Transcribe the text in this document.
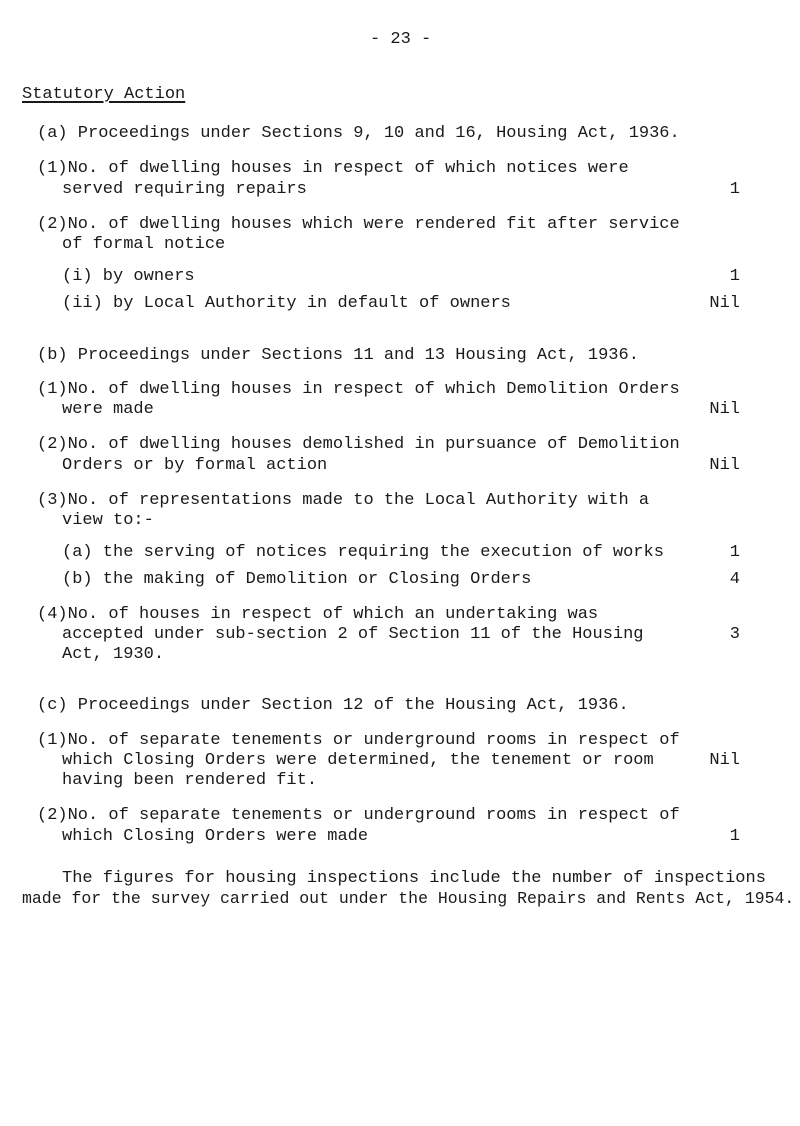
- 23 -
Statutory Action
(a) Proceedings under Sections 9, 10 and 16, Housing Act, 1936.
(1)No. of dwelling houses in respect of which notices were
served requiring repairs	1
(2)No. of dwelling houses which were rendered fit after service
of formal notice
(i) by owners	1
(ii) by Local Authority in default of owners	Nil
(b) Proceedings under Sections 11 and 13 Housing Act, 1936.
(1)No. of dwelling houses in respect of which Demolition Orders
were made	Nil
(2)No. of dwelling houses demolished in pursuance of Demolition
Orders or by formal action	Nil
(3)No. of representations made to the Local Authority with a
view to:-
(a) the serving of notices requiring the execution of works	1
(b) the making of Demolition or Closing Orders	4
(4)No. of houses in respect of which an undertaking was
accepted under sub-section 2 of Section 11 of the Housing	3
Act, 1930.
(c) Proceedings under Section 12 of the Housing Act, 1936.
(1)No. of separate tenements or underground rooms in respect of
which Closing Orders were determined, the tenement or room	Nil
having been rendered fit.
(2)No. of separate tenements or underground rooms in respect of
which Closing Orders were made	1
The figures for housing inspections include the number of inspections
made for the survey carried out under the Housing Repairs and Rents Act, 1954.
